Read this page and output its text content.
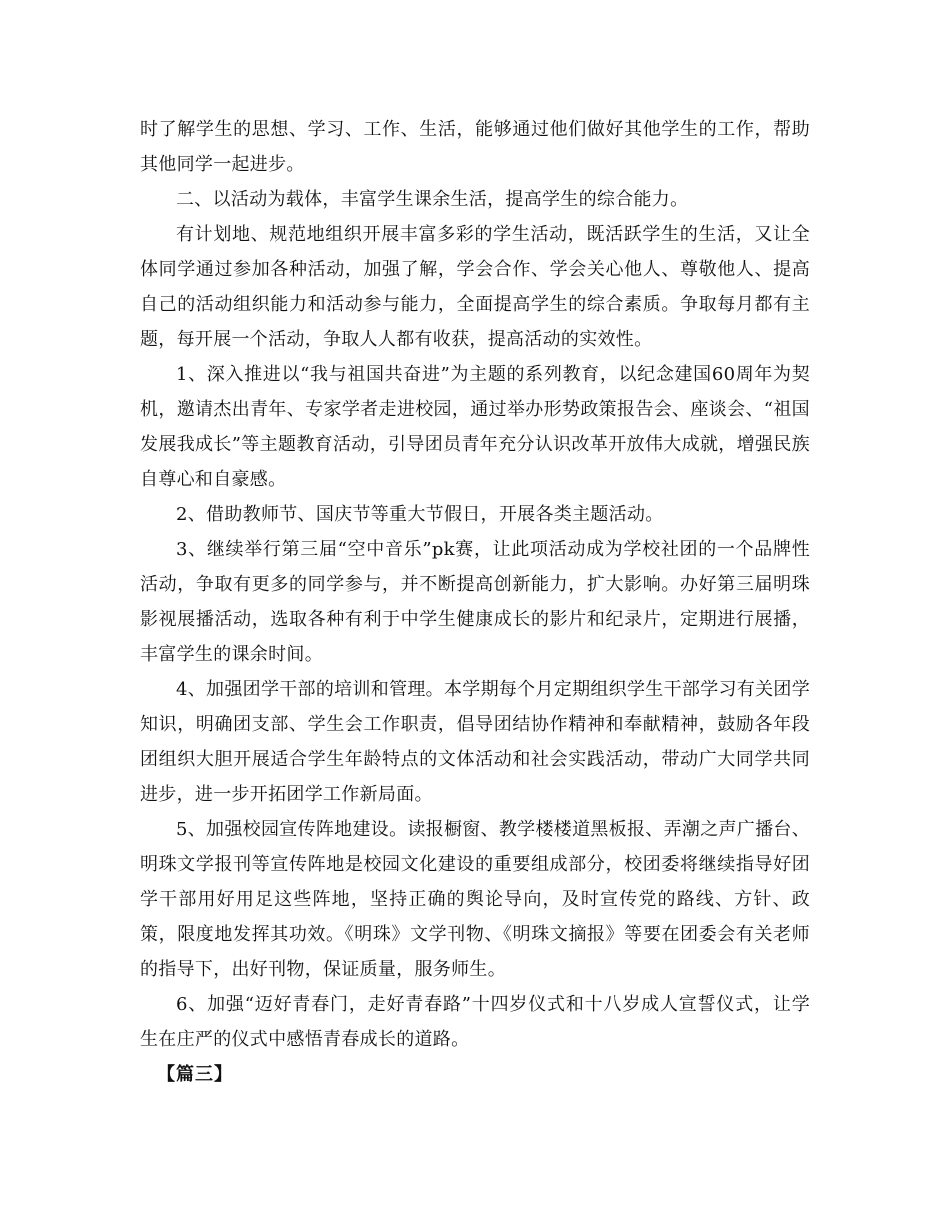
时了解学生的思想、学习、工作、生活，能够通过他们做好其他学生的工作，帮助其他同学一起进步。

二、以活动为载体，丰富学生课余生活，提高学生的综合能力。

有计划地、规范地组织开展丰富多彩的学生活动，既活跃学生的生活，又让全体同学通过参加各种活动，加强了解，学会合作、学会关心他人、尊敬他人、提高自己的活动组织能力和活动参与能力，全面提高学生的综合素质。争取每月都有主题，每开展一个活动，争取人人都有收获，提高活动的实效性。

1、深入推进以“我与祖国共奋进”为主题的系列教育，以纪念建国60周年为契机，邀请杰出青年、专家学者走进校园，通过举办形势政策报告会、座谈会、“祖国发展我成长”等主题教育活动，引导团员青年充分认识改革开放伟大成就，增强民族自尊心和自豪感。

2、借助教师节、国庆节等重大节假日，开展各类主题活动。

3、继续举行第三届“空中音乐”pk赛，让此项活动成为学校社团的一个品牌性活动，争取有更多的同学参与，并不断提高创新能力，扩大影响。办好第三届明珠影视展播活动，选取各种有利于中学生健康成长的影片和纪录片，定期进行展播，丰富学生的课余时间。

4、加强团学干部的培训和管理。本学期每个月定期组织学生干部学习有关团学知识，明确团支部、学生会工作职责，倡导团结协作精神和奉献精神，鼓励各年段团组织大胆开展适合学生年龄特点的文体活动和社会实践活动，带动广大同学共同进步，进一步开拓团学工作新局面。

5、加强校园宣传阵地建设。读报橱窗、教学楼楼道黑板报、弄潮之声广播台、明珠文学报刊等宣传阵地是校园文化建设的重要组成部分，校团委将继续指导好团学干部用好用足这些阵地，坚持正确的舆论导向，及时宣传党的路线、方针、政策，限度地发挥其功效。《明珠》文学刊物、《明珠文摘报》等要在团委会有关老师的指导下，出好刊物，保证质量，服务师生。

6、加强“迈好青春门，走好青春路”十四岁仪式和十八岁成人宣誓仪式，让学生在庄严的仪式中感悟青春成长的道路。

【篇三】
